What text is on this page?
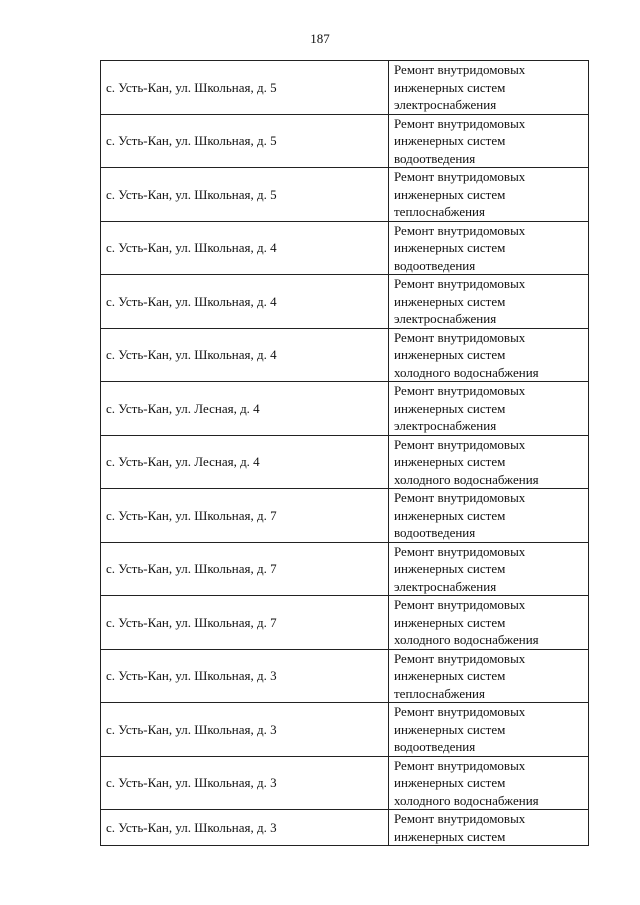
187
с. Усть-Кан, ул. Школьная, д. 5	Ремонт внутридомовых
инженерных систем
электроснабжения

с. Усть-Кан, ул. Школьная, д. 5	Ремонт внутридомовых
инженерных систем
водоотведения

с. Усть-Кан, ул. Школьная, д. 5	Ремонт внутридомовых
инженерных систем
теплоснабжения

с. Усть-Кан, ул. Школьная, д. 4	Ремонт внутридомовых
инженерных систем
водоотведения

с. Усть-Кан, ул. Школьная, д. 4	Ремонт внутридомовых
инженерных систем
электроснабжения

с. Усть-Кан, ул. Школьная, д. 4	Ремонт внутридомовых
инженерных систем
холодного водоснабжения

с. Усть-Кан, ул. Лесная, д. 4	Ремонт внутридомовых
инженерных систем
электроснабжения

с. Усть-Кан, ул. Лесная, д. 4	Ремонт внутридомовых
инженерных систем
холодного водоснабжения

с. Усть-Кан, ул. Школьная, д. 7	Ремонт внутридомовых
инженерных систем
водоотведения

с. Усть-Кан, ул. Школьная, д. 7	Ремонт внутридомовых
инженерных систем
электроснабжения

с. Усть-Кан, ул. Школьная, д. 7	Ремонт внутридомовых
инженерных систем
холодного водоснабжения

с. Усть-Кан, ул. Школьная, д. 3	Ремонт внутридомовых
инженерных систем
теплоснабжения

с. Усть-Кан, ул. Школьная, д. 3	Ремонт внутридомовых
инженерных систем
водоотведения

с. Усть-Кан, ул. Школьная, д. 3	Ремонт внутридомовых
инженерных систем
холодного водоснабжения

с. Усть-Кан, ул. Школьная, д. 3	Ремонт внутридомовых
инженерных систем
